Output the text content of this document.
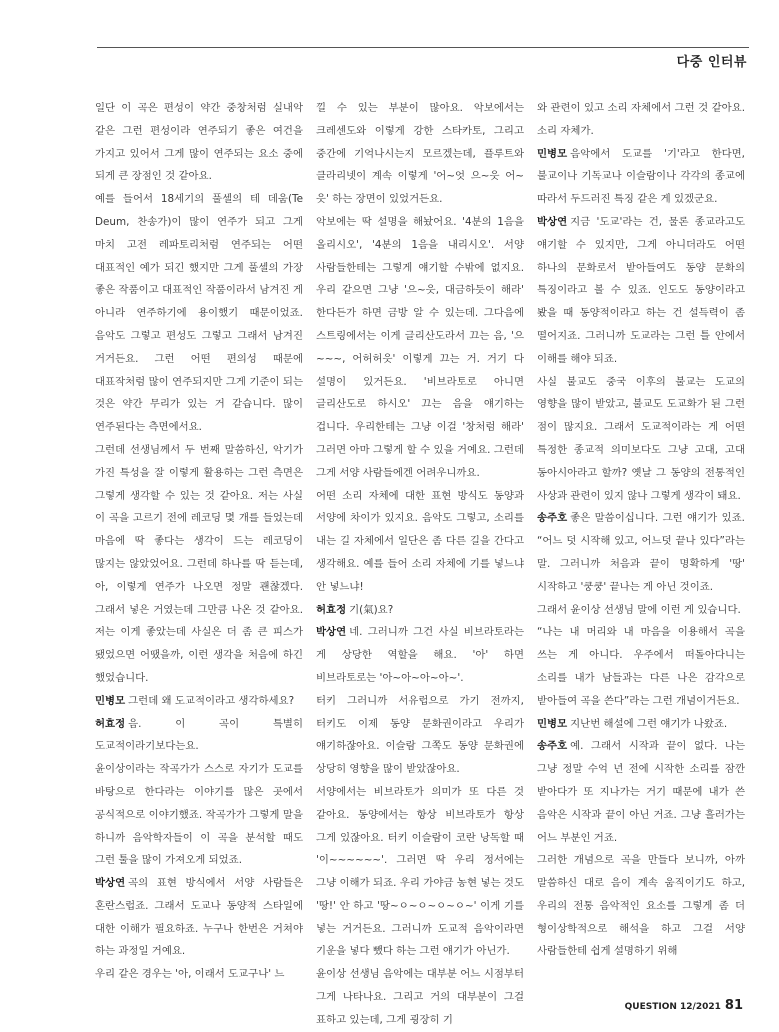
다중 인터뷰

일단 이 곡은 편성이 약간 중창처럼 실내악 같은 그런 편성이라 연주되기 좋은 여건을 가지고 있어서 그게 많이 연주되는 요소 중에 되게 큰 장점인 것 같아요.

예를 들어서 18세기의 풀셀의 테 데움(Te Deum, 찬송가)이 많이 연주가 되고 그게 마치 고전 레파토리처럼 연주되는 어떤 대표적인 예가 되긴 했지만 그게 풀셀의 가장 좋은 작품이고 대표적인 작품이라서 남겨진 게 아니라 연주하기에 용이했기 때문이었죠. 음악도 그렇고 편성도 그렇고 그래서 남겨진 거거든요. 그런 어떤 편의성 때문에 대표작처럼 많이 연주되지만 그게 기준이 되는 것은 약간 무리가 있는 거 같습니다. 많이 연주된다는 측면에서요.

그런데 선생님께서 두 번째 말씀하신, 악기가 가진 특성을 잘 이렇게 활용하는 그런 측면은 그렇게 생각할 수 있는 것 같아요. 저는 사실 이 곡을 고르기 전에 레코딩 몇 개를 들었는데 마음에 딱 좋다는 생각이 드는 레코딩이 많지는 않았었어요. 그런데 하나를 딱 듣는데, 아, 이렇게 연주가 나오면 정말 괜찮겠다. 그래서 넣은 거였는데 그만큼 나온 것 같아요. 저는 이게 좋았는데 사실은 더 좀 큰 피스가 됐었으면 어땠을까, 이런 생각을 처음에 하긴 했었습니다.

민병모 그런데 왜 도교적이라고 생각하세요?

허효정 음. 이 곡이 특별히 도교적이라기보다는요.

윤이상이라는 작곡가가 스스로 자기가 도교를 바탕으로 한다라는 이야기를 많은 곳에서 공식적으로 이야기했죠. 작곡가가 그렇게 말을 하니까 음악학자들이 이 곡을 분석할 때도 그런 툴을 많이 가져오게 되었죠.

박상연 곡의 표현 방식에서 서양 사람들은 혼란스럽죠. 그래서 도교나 동양적 스타일에 대한 이해가 필요하죠. 누구나 한번은 거쳐야 하는 과정일 거예요.

우리 같은 경우는 '아, 이래서 도교구나' 느

낄 수 있는 부분이 많아요. 악보에서는 크레센도와 이렇게 강한 스타카토, 그리고 중간에 기억나시는지 모르겠는데, 플루트와 클라리넷이 계속 이렇게 '어~엇 으~읏 어~읏' 하는 장면이 있었거든요.

악보에는 딱 설명을 해놨어요. '4분의 1음을 올리시오', '4분의 1음을 내리시오'. 서양 사람들한테는 그렇게 얘기할 수밖에 없지요. 우리 같으면 그냥 '으~읏, 대금하듯이 해라' 한다든가 하면 금방 알 수 있는데. 그다음에 스트링에서는 이게 글리산도라서 끄는 음, '으~~~, 어허허읏' 이렇게 끄는 거. 거기 다 설명이 있거든요. '비브라토로 아니면 글리산도로 하시오' 끄는 음을 얘기하는 겁니다. 우리한테는 그냥 이걸 '창처럼 해라' 그러면 아마 그렇게 할 수 있을 거예요. 그런데 그게 서양 사람들에겐 어려우니까요.

어떤 소리 자체에 대한 표현 방식도 동양과 서양에 차이가 있지요. 음악도 그렇고, 소리를 내는 길 자체에서 일단은 좀 다른 길을 간다고 생각해요. 예를 들어 소리 자체에 기를 넣느냐 안 넣느냐!

허효정 기(氣)요?

박상연 네. 그러니까 그건 사실 비브라토라는 게 상당한 역할을 해요. '아' 하면 비브라토로는 '아~아~아~아~'.

터키 그러니까 서유럽으로 가기 전까지, 터키도 이제 동양 문화권이라고 우리가 얘기하잖아요. 이슬람 그쪽도 동양 문화권에 상당히 영향을 많이 받았잖아요.

서양에서는 비브라토가 의미가 또 다른 것 같아요. 동양에서는 항상 비브라토가 항상 그게 있잖아요. 터키 이슬람이 코란 낭독할 때 '이~~~~~~'. 그러면 딱 우리 정서에는 그냥 이해가 되죠. 우리 가야금 농현 넣는 것도 '땅!' 안 하고 '땅~ㅇ~ㅇ~ㅇ~ㅇ~' 이게 기를 넣는 거거든요. 그러니까 도교적 음악이라면 기운을 넣다 뺐다 하는 그런 얘기가 아닌가.

윤이상 선생님 음악에는 대부분 어느 시점부터 그게 나타나요. 그리고 거의 대부분이 그걸 표하고 있는데, 그게 굉장히 기

와 관련이 있고 소리 자체에서 그런 것 같아요. 소리 자체가.

민병모 음악에서 도교를 '기'라고 한다면, 불교이나 기독교나 이슬람이나 각각의 종교에 따라서 두드러진 특징 같은 게 있겠군요.

박상연 지금 '도교'라는 건, 물론 종교라고도 얘기할 수 있지만, 그게 아니더라도 어떤 하나의 문화로서 받아들여도 동양 문화의 특징이라고 볼 수 있죠. 인도도 동양이라고 봤을 때 동양적이라고 하는 건 설득력이 좀 떨어지죠. 그러니까 도교라는 그런 틀 안에서 이해를 해야 되죠.

사실 불교도 중국 이후의 불교는 도교의 영향을 많이 받았고, 불교도 도교화가 된 그런 점이 많지요. 그래서 도교적이라는 게 어떤 특정한 종교적 의미보다도 그냥 고대, 고대 동아시아라고 할까? 옛날 그 동양의 전통적인 사상과 관련이 있지 않나 그렇게 생각이 돼요.

송주호 좋은 말씀이십니다. 그런 얘기가 있죠. “어느 덧 시작해 있고, 어느덧 끝나 있다”라는 말. 그러니까 처음과 끝이 명확하게 '땅' 시작하고 '쿵쿵' 끝나는 게 아닌 것이죠.

그래서 윤이상 선생님 말에 이런 게 있습니다.

“나는 내 머리와 내 마음을 이용해서 곡을 쓰는 게 아니다. 우주에서 떠돌아다니는 소리를 내가 남들과는 다른 나은 감각으로 받아들여 곡을 쓴다”라는 그런 개념이거든요.

민병모 지난번 해설에 그런 얘기가 나왔죠.

송주호 예. 그래서 시작과 끝이 없다. 나는 그냥 정말 수억 년 전에 시작한 소리를 잠깐 받아다가 또 지나가는 거기 때문에 내가 쓴 음악은 시작과 끝이 아닌 거죠. 그냥 흘러가는 어느 부분인 거죠.

그러한 개념으로 곡을 만들다 보니까, 아까 말씀하신 대로 음이 계속 움직이기도 하고, 우리의 전통 음악적인 요소를 그렇게 좀 더 형이상학적으로 해석을 하고 그걸 서양 사람들한테 쉽게 설명하기 위해

QUESTION 12/2021 81
